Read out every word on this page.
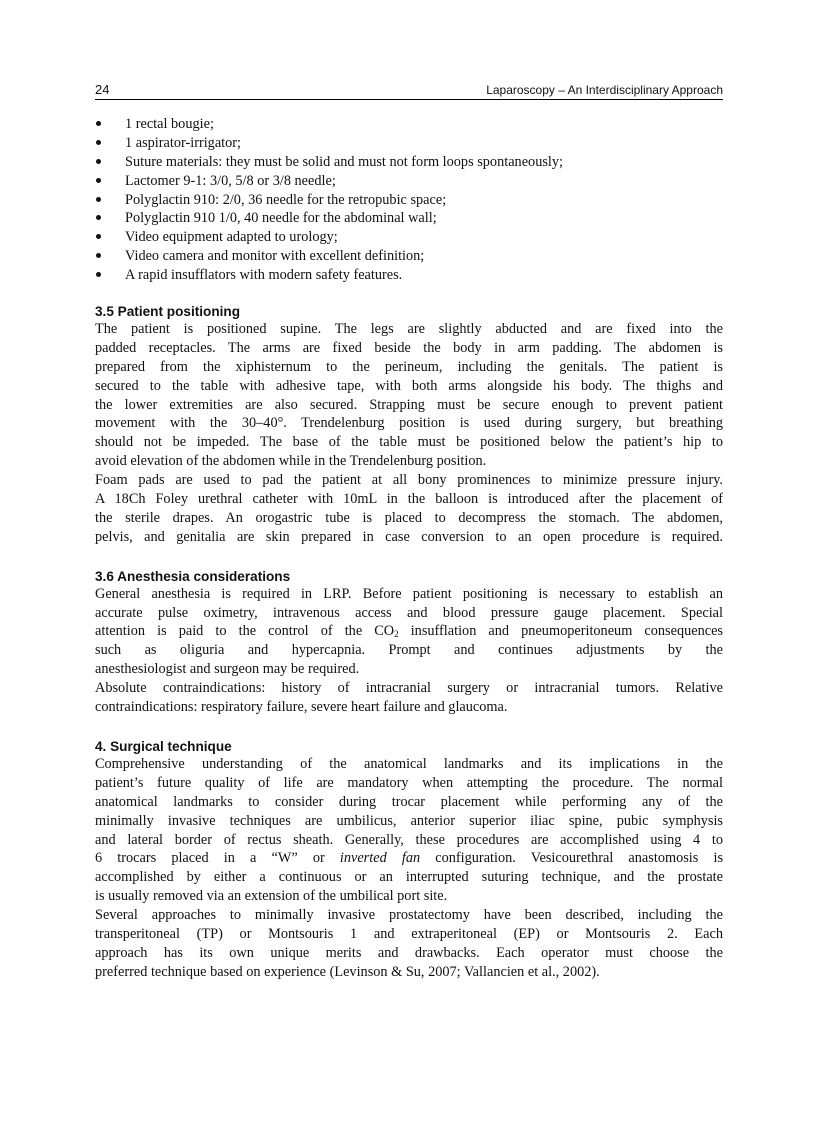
24	Laparoscopy – An Interdisciplinary Approach
1 rectal bougie;
1 aspirator-irrigator;
Suture materials: they must be solid and must not form loops spontaneously;
Lactomer 9-1: 3/0, 5/8 or 3/8 needle;
Polyglactin 910: 2/0, 36 needle for the retropubic space;
Polyglactin 910 1/0, 40 needle for the abdominal wall;
Video equipment adapted to urology;
Video camera and monitor with excellent definition;
A rapid insufflators with modern safety features.
3.5 Patient positioning
The patient is positioned supine. The legs are slightly abducted and are fixed into the
padded receptacles. The arms are fixed beside the body in arm padding. The abdomen is
prepared from the xiphisternum to the perineum, including the genitals. The patient is
secured to the table with adhesive tape, with both arms alongside his body. The thighs and
the lower extremities are also secured. Strapping must be secure enough to prevent patient
movement with the 30–40°. Trendelenburg position is used during surgery, but breathing
should not be impeded. The base of the table must be positioned below the patient’s hip to
avoid elevation of the abdomen while in the Trendelenburg position.
Foam pads are used to pad the patient at all bony prominences to minimize pressure injury.
A 18Ch Foley urethral catheter with 10mL in the balloon is introduced after the placement of
the sterile drapes. An orogastric tube is placed to decompress the stomach. The abdomen,
pelvis, and genitalia are skin prepared in case conversion to an open procedure is required.
3.6 Anesthesia considerations
General anesthesia is required in LRP. Before patient positioning is necessary to establish an
accurate pulse oximetry, intravenous access and blood pressure gauge placement. Special
attention is paid to the control of the $CO_2$ insufflation and pneumoperitoneum consequences
such as oliguria and hypercapnia. Prompt and continues adjustments by the
anesthesiologist and surgeon may be required.
Absolute contraindications: history of intracranial surgery or intracranial tumors. Relative
contraindications: respiratory failure, severe heart failure and glaucoma.
4. Surgical technique
Comprehensive understanding of the anatomical landmarks and its implications in the
patient’s future quality of life are mandatory when attempting the procedure. The normal
anatomical landmarks to consider during trocar placement while performing any of the
minimally invasive techniques are umbilicus, anterior superior iliac spine, pubic symphysis
and lateral border of rectus sheath. Generally, these procedures are accomplished using 4 to
6 trocars placed in a “W” or inverted fan configuration. Vesicourethral anastomosis is
accomplished by either a continuous or an interrupted suturing technique, and the prostate
is usually removed via an extension of the umbilical port site.
Several approaches to minimally invasive prostatectomy have been described, including the
transperitoneal (TP) or Montsouris 1 and extraperitoneal (EP) or Montsouris 2. Each
approach has its own unique merits and drawbacks. Each operator must choose the
preferred technique based on experience (Levinson & Su, 2007; Vallancien et al., 2002).
